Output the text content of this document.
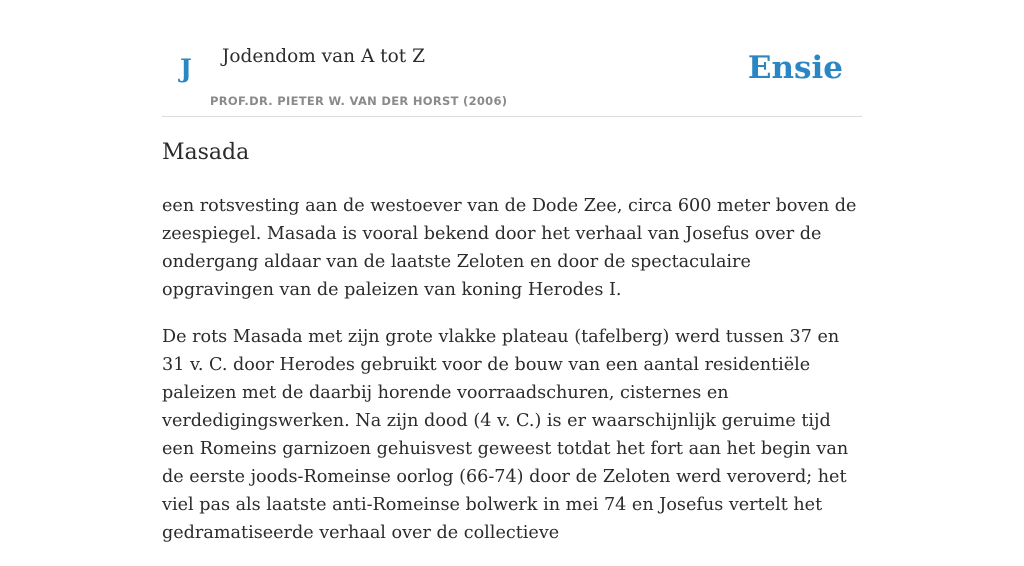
J Jodendom van A tot Z
PROF.DR. PIETER W. VAN DER HORST (2006)
Ensie
Masada

een rotsvesting aan de westoever van de Dode Zee, circa 600 meter boven de zeespiegel. Masada is vooral bekend door het verhaal van Josefus over de ondergang aldaar van de laatste Zeloten en door de spectaculaire opgravingen van de paleizen van koning Herodes I.

De rots Masada met zijn grote vlakke plateau (tafelberg) werd tussen 37 en 31 v. C. door Herodes gebruikt voor de bouw van een aantal residentiële paleizen met de daarbij horende voorraadschuren, cisternes en verdedigingswerken. Na zijn dood (4 v. C.) is er waarschijnlijk geruime tijd een Romeins garnizoen gehuisvest geweest totdat het fort aan het begin van de eerste joods-Romeinse oorlog (66-74) door de Zeloten werd veroverd; het viel pas als laatste anti-Romeinse bolwerk in mei 74 en Josefus vertelt het gedramatiseerde verhaal over de collectieve
